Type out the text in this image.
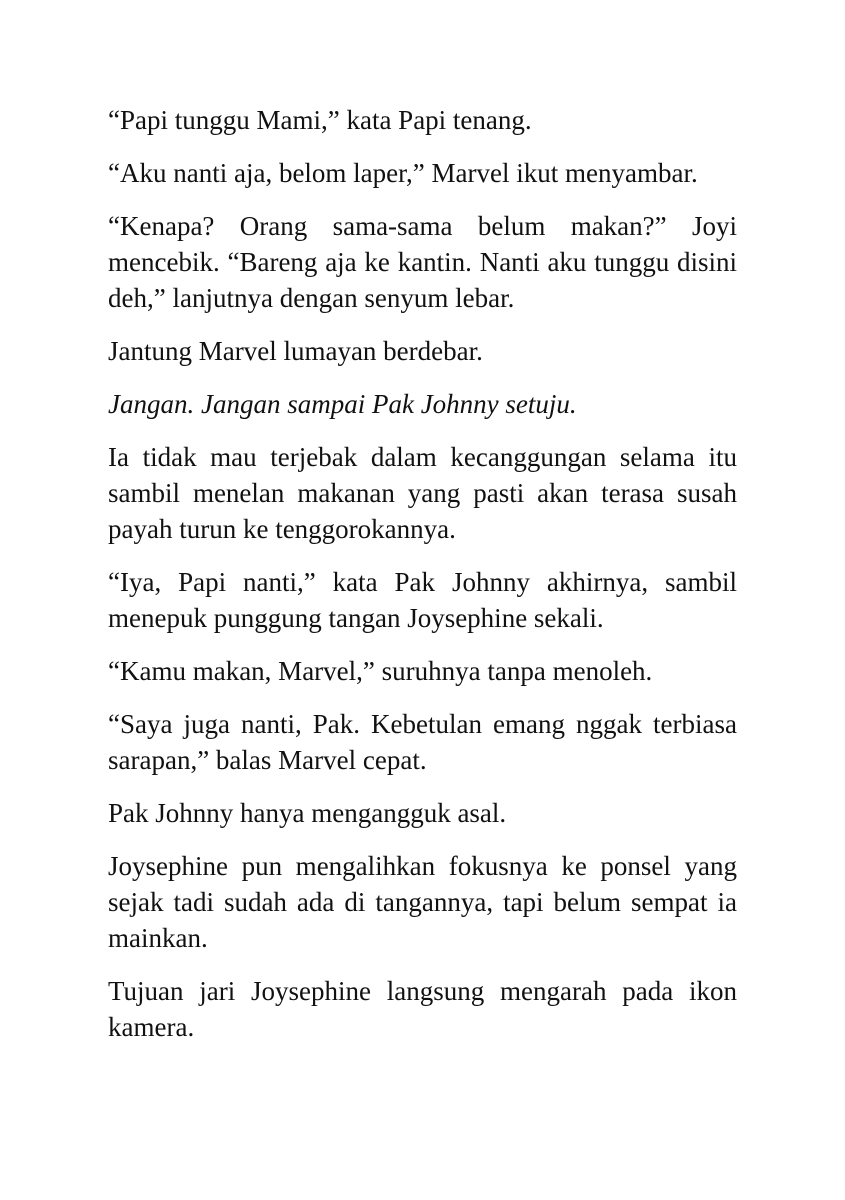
“Papi tunggu Mami,” kata Papi tenang.

“Aku nanti aja, belom laper,” Marvel ikut menyambar.

“Kenapa? Orang sama-sama belum makan?” Joyi mencebik. “Bareng aja ke kantin. Nanti aku tunggu disini deh,” lanjutnya dengan senyum lebar.

Jantung Marvel lumayan berdebar.

Jangan. Jangan sampai Pak Johnny setuju.

Ia tidak mau terjebak dalam kecanggungan selama itu sambil menelan makanan yang pasti akan terasa susah payah turun ke tenggorokannya.

“Iya, Papi nanti,” kata Pak Johnny akhirnya, sambil menepuk punggung tangan Joysephine sekali.

“Kamu makan, Marvel,” suruhnya tanpa menoleh.

“Saya juga nanti, Pak. Kebetulan emang nggak terbiasa sarapan,” balas Marvel cepat.

Pak Johnny hanya mengangguk asal.

Joysephine pun mengalihkan fokusnya ke ponsel yang sejak tadi sudah ada di tangannya, tapi belum sempat ia mainkan.

Tujuan jari Joysephine langsung mengarah pada ikon kamera.
